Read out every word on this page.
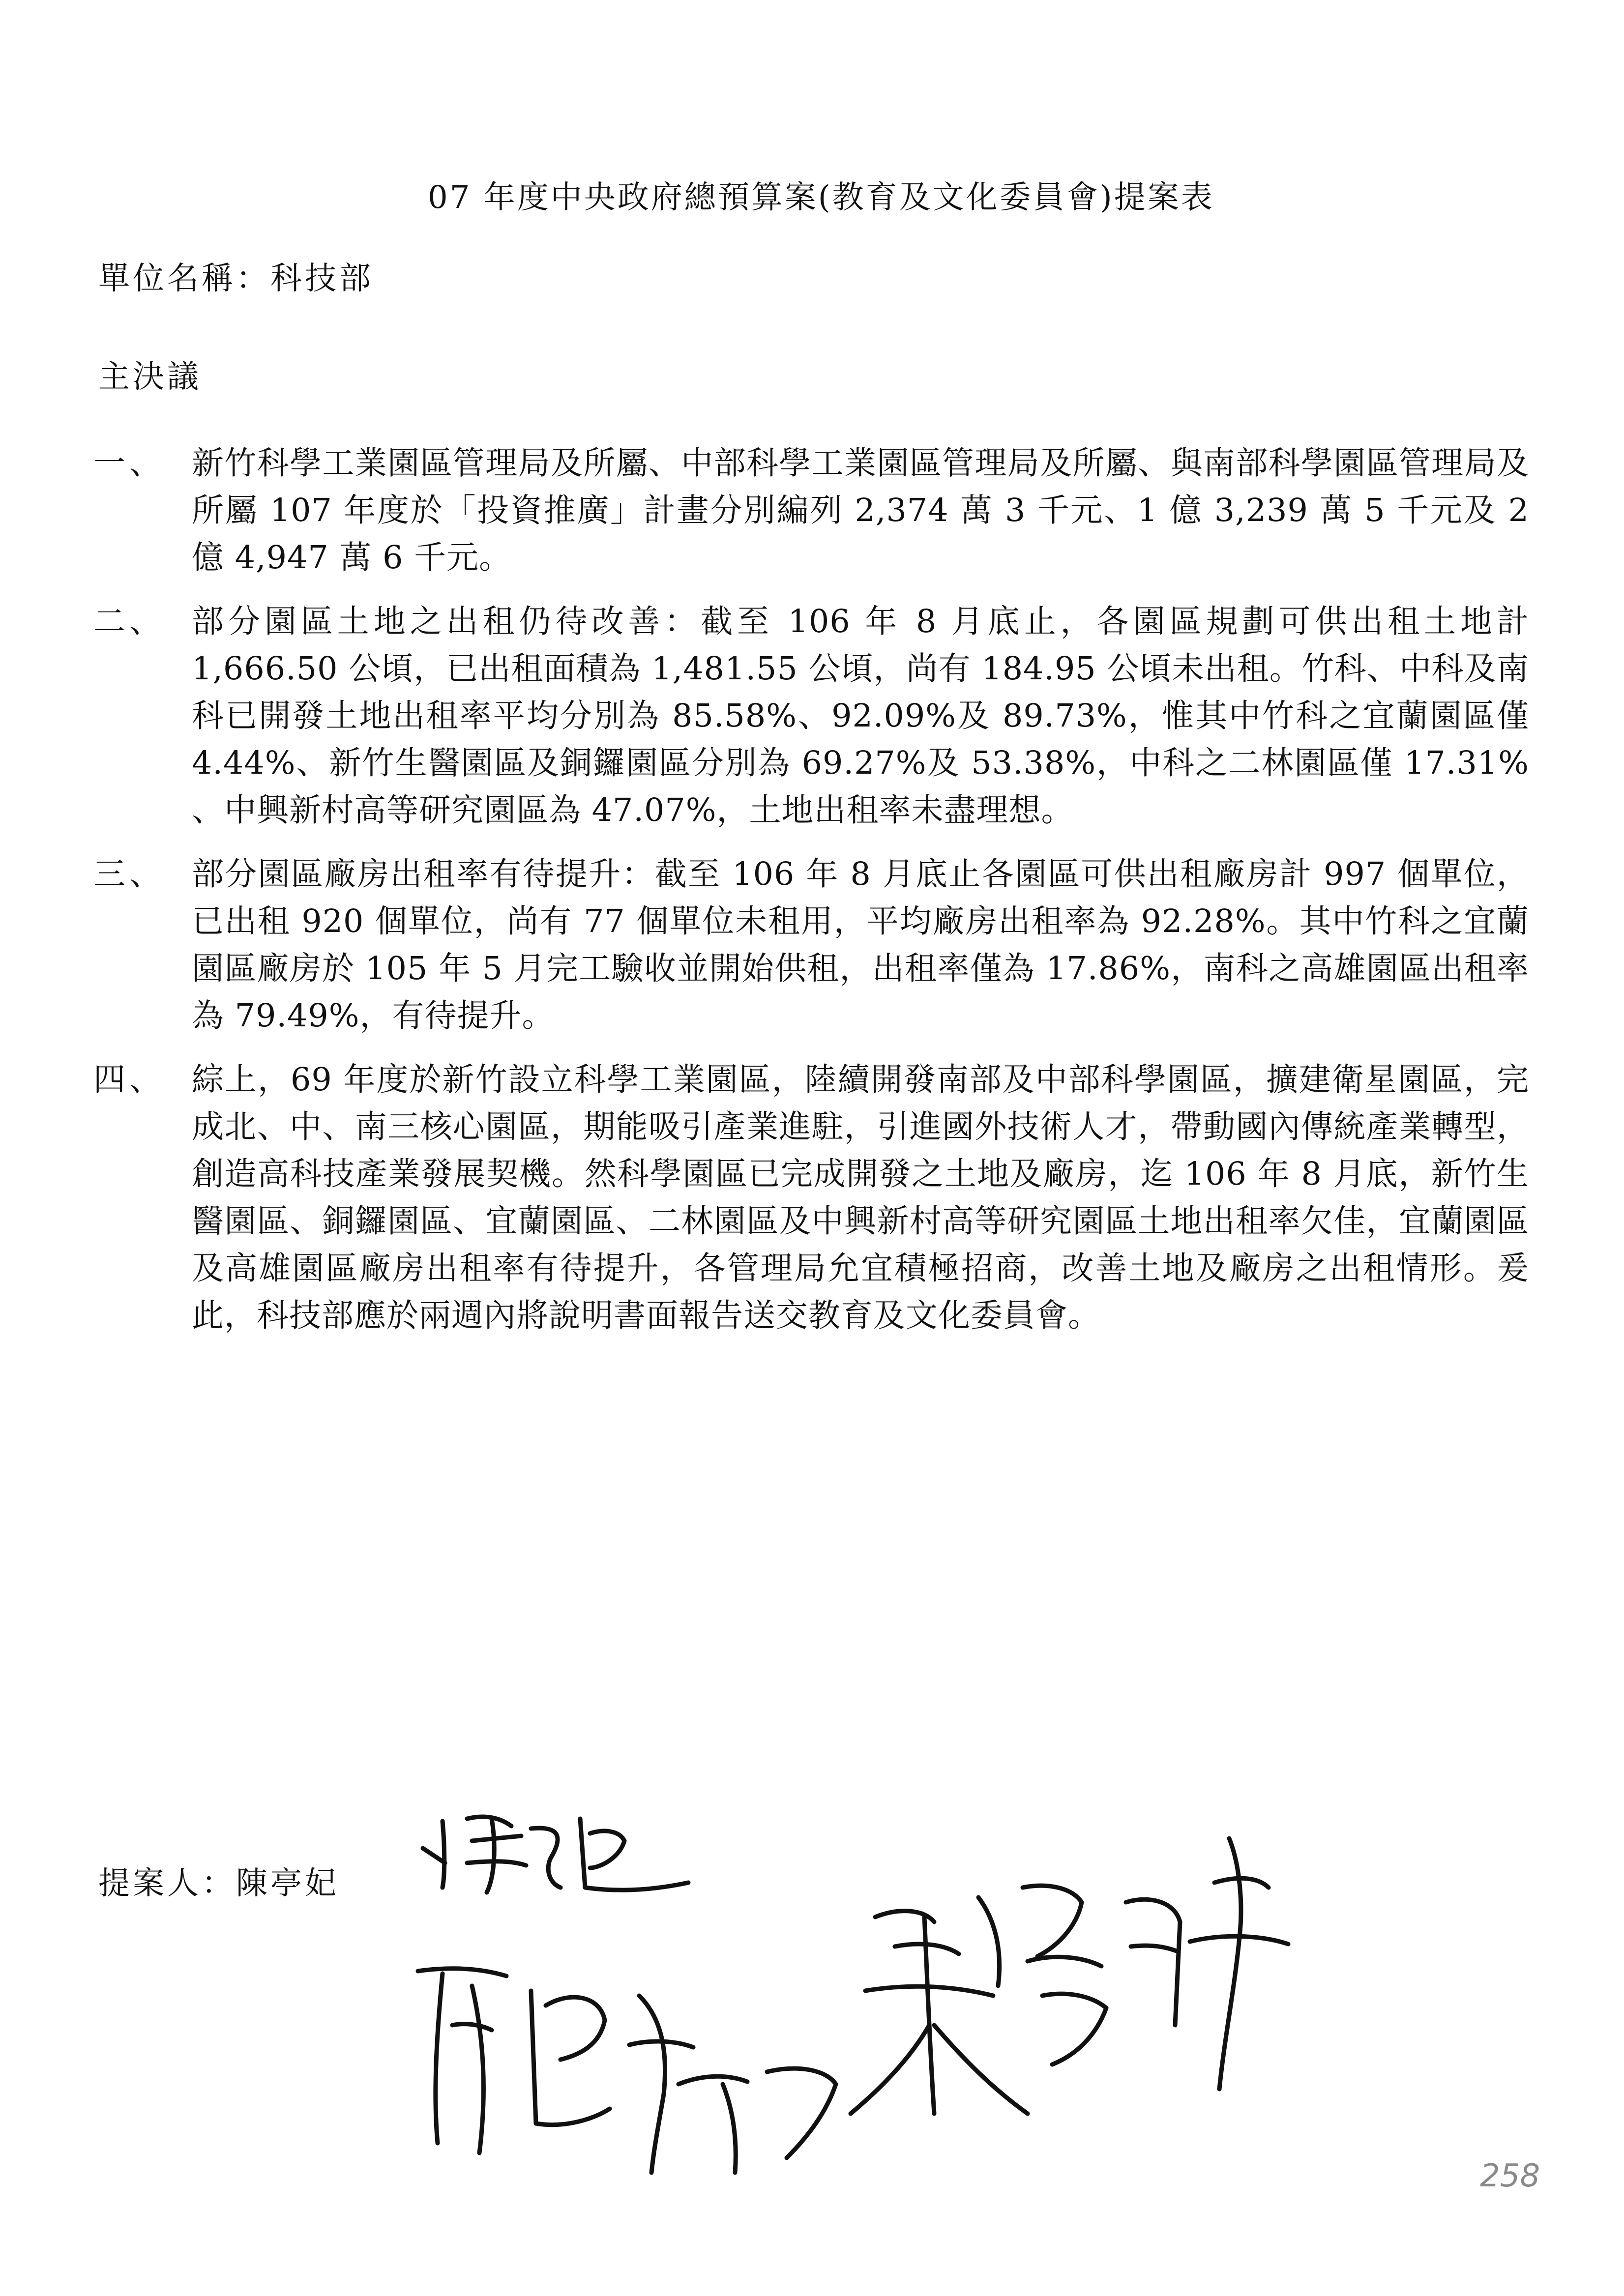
07 年度中央政府總預算案(教育及文化委員會)提案表
單位名稱：科技部
主決議
一、 新竹科學工業園區管理局及所屬、中部科學工業園區管理局及所屬、與南部科學園區管理局及所屬 107 年度於「投資推廣」計畫分別編列 2,374 萬 3 千元、1 億 3,239 萬 5 千元及 2 億 4,947 萬 6 千元。
二、 部分園區土地之出租仍待改善：截至 106 年 8 月底止，各園區規劃可供出租土地計 1,666.50 公頃，已出租面積為 1,481.55 公頃，尚有 184.95 公頃未出租。竹科、中科及南科已開發土地出租率平均分別為 85.58%、92.09%及 89.73%，惟其中竹科之宜蘭園區僅 4.44%、新竹生醫園區及銅鑼園區分別為 69.27%及 53.38%，中科之二林園區僅 17.31% 、中興新村高等研究園區為 47.07%，土地出租率未盡理想。
三、 部分園區廠房出租率有待提升：截至 106 年 8 月底止各園區可供出租廠房計 997 個單位，已出租 920 個單位，尚有 77 個單位未租用，平均廠房出租率為 92.28%。其中竹科之宜蘭園區廠房於 105 年 5 月完工驗收並開始供租，出租率僅為 17.86%，南科之高雄園區出租率為 79.49%，有待提升。
四、 綜上，69 年度於新竹設立科學工業園區，陸續開發南部及中部科學園區，擴建衛星園區，完成北、中、南三核心園區，期能吸引產業進駐，引進國外技術人才，帶動國內傳統產業轉型，創造高科技產業發展契機。然科學園區已完成開發之土地及廠房，迄 106 年 8 月底，新竹生醫園區、銅鑼園區、宜蘭園區、二林園區及中興新村高等研究園區土地出租率欠佳，宜蘭園區及高雄園區廠房出租率有待提升，各管理局允宜積極招商，改善土地及廠房之出租情形。爰此，科技部應於兩週內將說明書面報告送交教育及文化委員會。
提案人：陳亭妃
258
